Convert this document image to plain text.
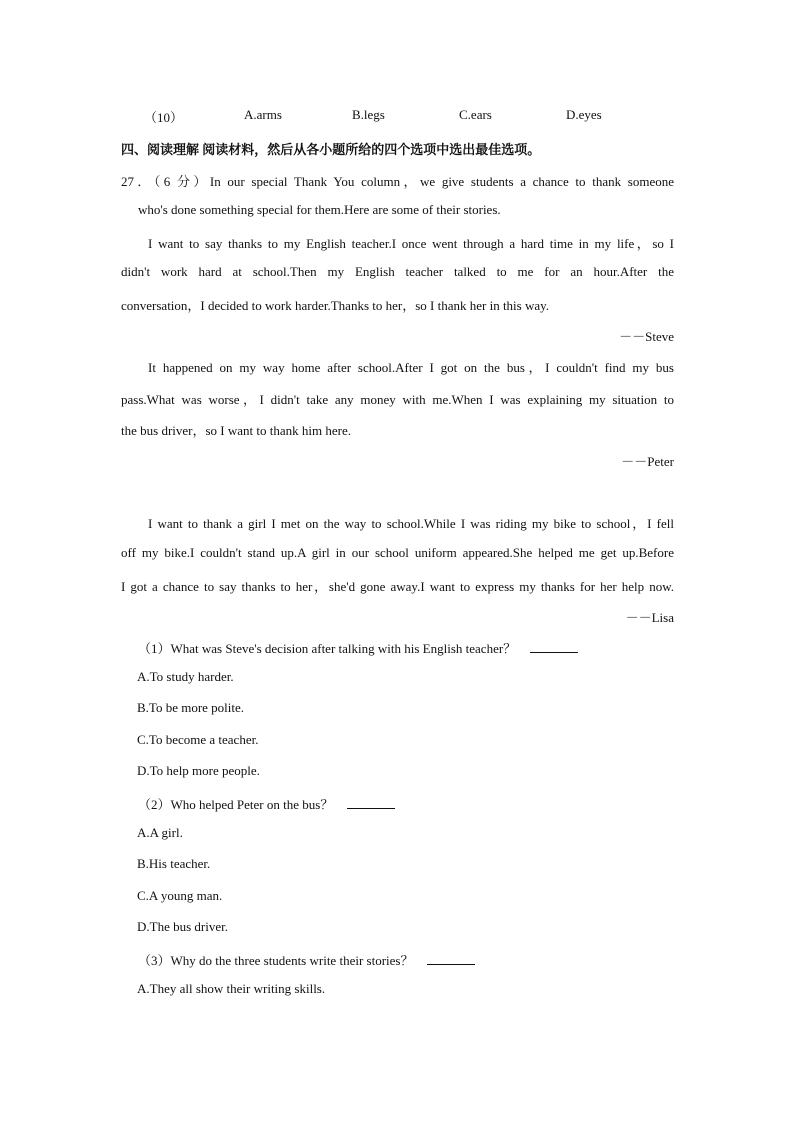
（10）	A.arms	B.legs	C.ears	D.eyes
四、阅读理解 阅读材料，然后从各小题所给的四个选项中选出最佳选项。
27．（6 分）In our special Thank You column，we give students a chance to thank someone
who's done something special for them.Here are some of their stories.
I want to say thanks to my English teacher.I once went through a hard time in my life，so I
didn't work hard at school.Then my English teacher talked to me for an hour.After the
conversation，I decided to work harder.Thanks to her，so I thank her in this way.
－－Steve
It happened on my way home after school.After I got on the bus，I couldn't find my bus
pass.What was worse，I didn't take any money with me.When I was explaining my situation to
the bus driver，so I want to thank him here.
－－Peter
I want to thank a girl I met on the way to school.While I was riding my bike to school，I fell
off my bike.I couldn't stand up.A girl in our school uniform appeared.She helped me get up.Before
I got a chance to say thanks to her，she'd gone away.I want to express my thanks for her help now.
－－Lisa
（1）What was Steve's decision after talking with his English teacher？
A.To study harder.
B.To be more polite.
C.To become a teacher.
D.To help more people.
（2）Who helped Peter on the bus？
A.A girl.
B.His teacher.
C.A young man.
D.The bus driver.
（3）Why do the three students write their stories？
A.They all show their writing skills.
